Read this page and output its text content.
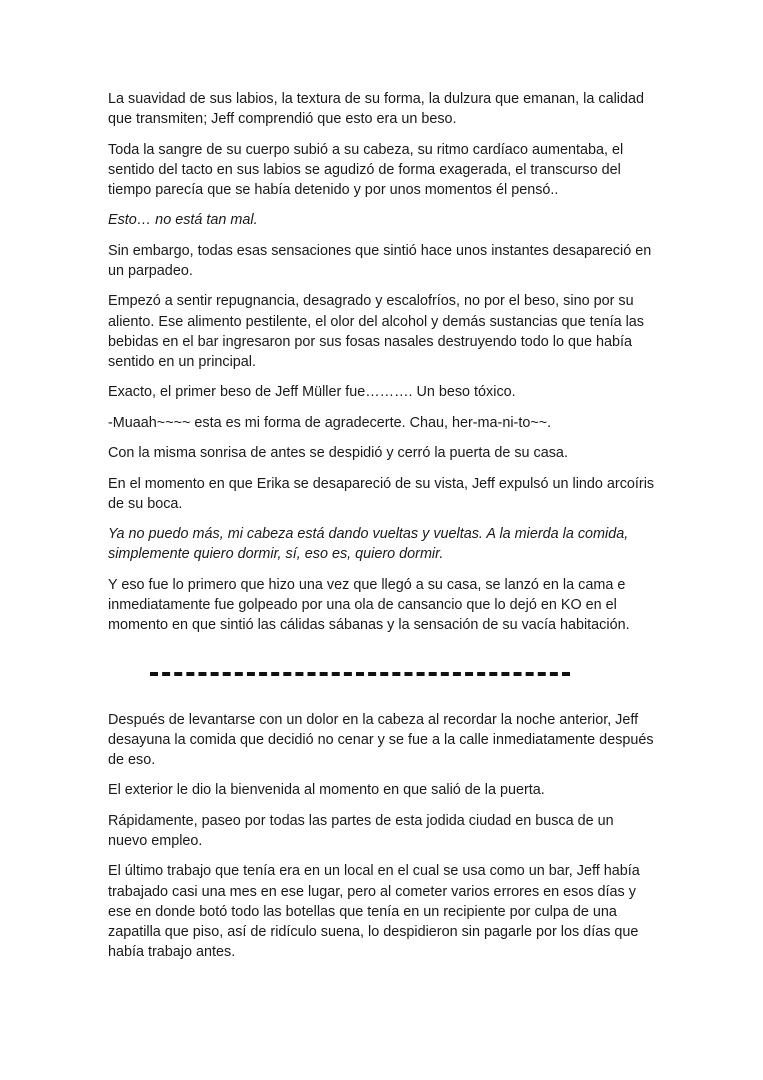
La suavidad de sus labios, la textura de su forma, la dulzura que emanan, la calidad que transmiten; Jeff comprendió que esto era un beso.

Toda la sangre de su cuerpo subió a su cabeza, su ritmo cardíaco aumentaba, el sentido del tacto en sus labios se agudizó de forma exagerada, el transcurso del tiempo parecía que se había detenido y por unos momentos él pensó..

Esto… no está tan mal.

Sin embargo, todas esas sensaciones que sintió hace unos instantes desapareció en un parpadeo.

Empezó a sentir repugnancia, desagrado y escalofríos, no por el beso, sino por su aliento. Ese alimento pestilente, el olor del alcohol y demás sustancias que tenía las bebidas en el bar ingresaron por sus fosas nasales destruyendo todo lo que había sentido en un principal.

Exacto, el primer beso de Jeff Müller fue………. Un beso tóxico.

-Muaah~~~~ esta es mi forma de agradecerte. Chau, her-ma-ni-to~~.

Con la misma sonrisa de antes se despidió y cerró la puerta de su casa.

En el momento en que Erika se desapareció de su vista, Jeff expulsó un lindo arcoíris de su boca.

Ya no puedo más, mi cabeza está dando vueltas y vueltas. A la mierda la comida, simplemente quiero dormir, sí, eso es, quiero dormir.

Y eso fue lo primero que hizo una vez que llegó a su casa, se lanzó en la cama e inmediatamente fue golpeado por una ola de cansancio que lo dejó en KO en el momento en que sintió las cálidas sábanas y la sensación de su vacía habitación.

Después de levantarse con un dolor en la cabeza al recordar la noche anterior, Jeff desayuna la comida que decidió no cenar y se fue a la calle inmediatamente después de eso.

El exterior le dio la bienvenida al momento en que salió de la puerta.

Rápidamente, paseo por todas las partes de esta jodida ciudad en busca de un nuevo empleo.

El último trabajo que tenía era en un local en el cual se usa como un bar, Jeff había trabajado casi una mes en ese lugar, pero al cometer varios errores en esos días y ese en donde botó todo las botellas que tenía en un recipiente por culpa de una zapatilla que piso, así de ridículo suena, lo despidieron sin pagarle por los días que había trabajo antes.
